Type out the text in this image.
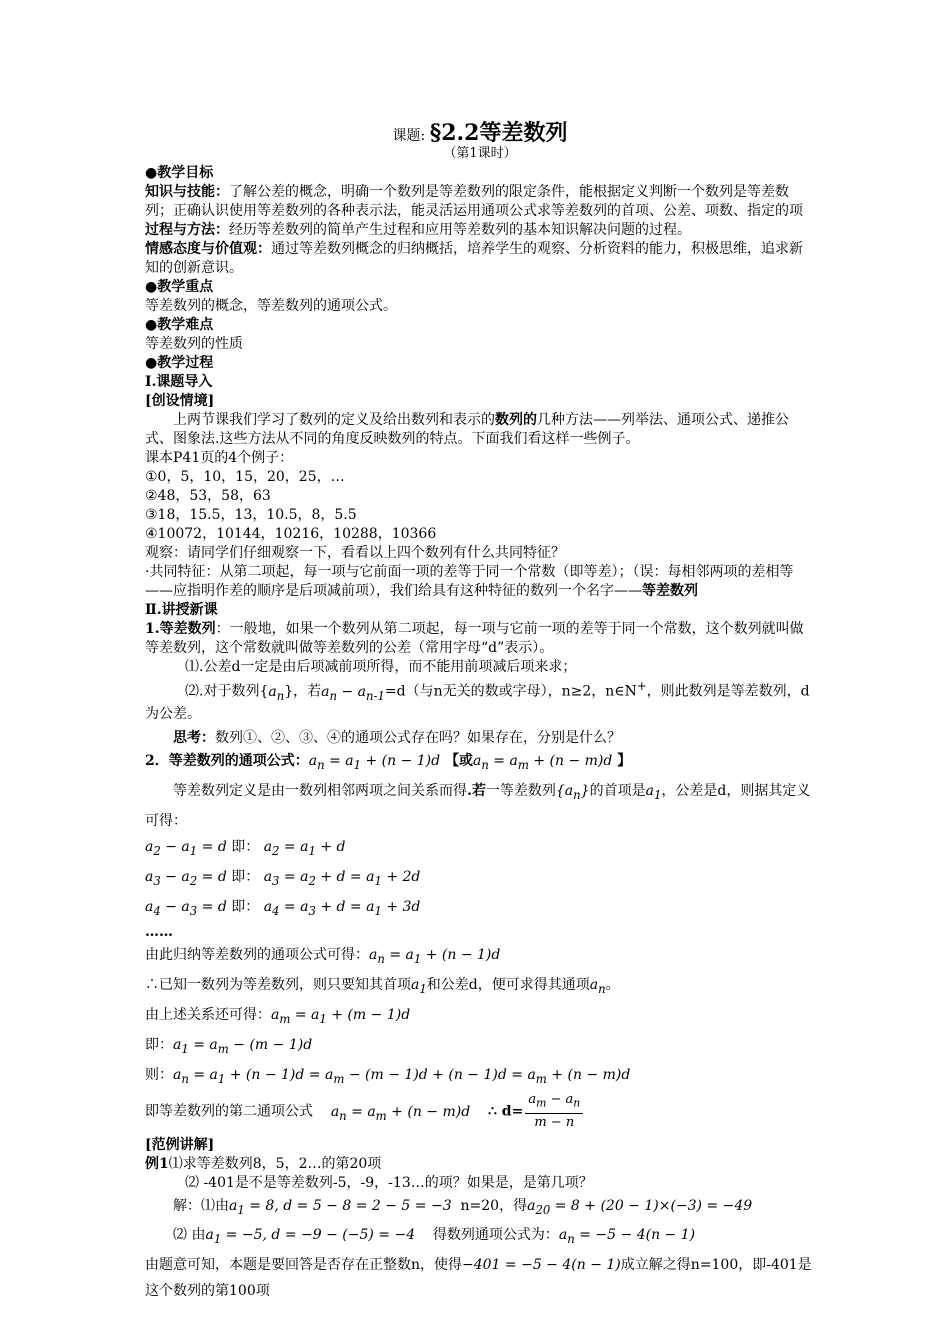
课题: §2.2等差数列
（第1课时）

●教学目标

知识与技能：了解公差的概念，明确一个数列是等差数列的限定条件，能根据定义判断一个数列是等差数列；正确认识使用等差数列的各种表示法，能灵活运用通项公式求等差数列的首项、公差、项数、指定的项

过程与方法：经历等差数列的简单产生过程和应用等差数列的基本知识解决问题的过程。

情感态度与价值观：通过等差数列概念的归纳概括，培养学生的观察、分析资料的能力，积极思维，追求新知的创新意识。

●教学重点

等差数列的概念，等差数列的通项公式。

●教学难点

等差数列的性质

●教学过程

Ⅰ.课题导入

[创设情境]

上两节课我们学习了数列的定义及给出数列和表示的数列的几种方法——列举法、通项公式、递推公式、图象法.这些方法从不同的角度反映数列的特点。下面我们看这样一些例子。

课本P41页的4个例子：

①0，5，10，15，20，25，…

②48，53，58，63

③18，15.5，13，10.5，8，5.5

④10072，10144，10216，10288，10366

观察：请同学们仔细观察一下，看看以上四个数列有什么共同特征？

·共同特征：从第二项起，每一项与它前面一项的差等于同一个常数（即等差）；（误：每相邻两项的差相等——应指明作差的顺序是后项减前项），我们给具有这种特征的数列一个名字——等差数列

Ⅱ.讲授新课

1.等差数列：一般地，如果一个数列从第二项起，每一项与它前一项的差等于同一个常数，这个数列就叫做等差数列，这个常数就叫做等差数列的公差（常用字母“d”表示）。

⑴.公差d一定是由后项减前项所得，而不能用前项减后项来求；

⑵.对于数列$\{a_n\}$，若$a_n - a_{n-1}=d$（与n无关的数或字母），n≥2，n∈N+，则此数列是等差数列，d 为公差。

思考：数列①、②、③、④的通项公式存在吗？如果存在，分别是什么？

2．等差数列的通项公式：$a_n = a_1 + (n - 1)d$ 【或$a_n = a_m + (n - m)d$ 】

等差数列定义是由一数列相邻两项之间关系而得.若一等差数列$\{a_n\}$的首项是$a_1$，公差是d，则据其定义可得：

$a_2 - a_1 = d$ 即： $a_2 = a_1 + d$

$a_3 - a_2 = d$ 即： $a_3 = a_2 + d = a_1 + 2d$

$a_4 - a_3 = d$ 即： $a_4 = a_3 + d = a_1 + 3d$

……

由此归纳等差数列的通项公式可得：$a_n = a_1 + (n - 1)d$

∴已知一数列为等差数列，则只要知其首项$a_1$和公差d，便可求得其通项$a_n$。

由上述关系还可得：$a_m = a_1 + (m - 1)d$

即：$a_1 = a_m - (m - 1)d$

则：$a_n = a_1 + (n - 1)d = a_m - (m - 1)d + (n - 1)d = a_m + (n - m)d$

即等差数列的第二通项公式 $a_n = a_m + (n - m)d$ ∴ $d= \frac{a_m - a_n}{m - n}$

[范例讲解]

例1⑴求等差数列8，5，2…的第20项

⑵ -401是不是等差数列-5，-9，-13…的项？如果是，是第几项？

解：⑴由$a_1 = 8$, d = 5 − 8 = 2 − 5 = −3 n=20，得$a_{20} = 8 + (20 - 1)\times(-3) = -49$

⑵ 由$a_1 = -5$, d = −9 − (−5) = −4 得数列通项公式为：$a_n = -5 - 4(n - 1)$

由题意可知，本题是要回答是否存在正整数n，使得−401 = −5 − 4(n − 1)成立解之得n=100，即-401是这个数列的第100项
